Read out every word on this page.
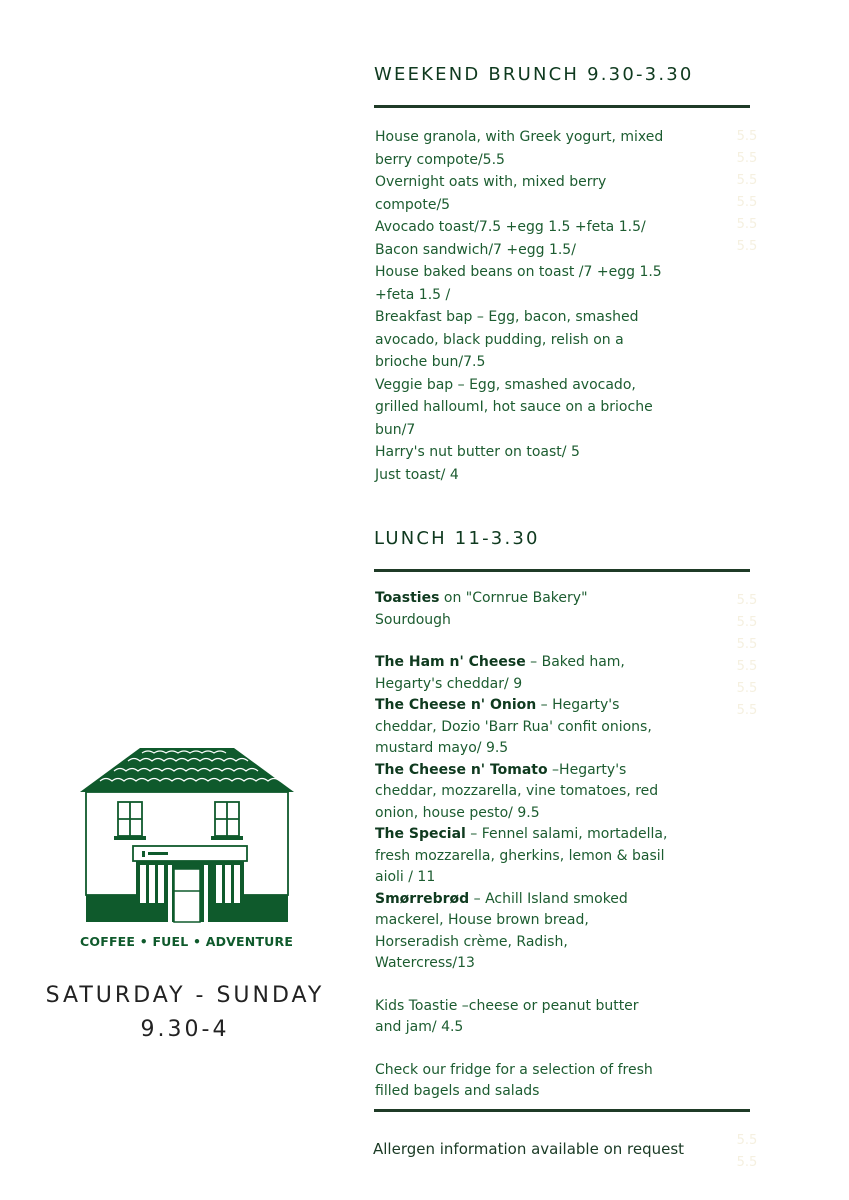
WEEKEND BRUNCH 9.30-3.30

House granola, with Greek yogurt, mixed

berry compote/5.5

Overnight oats with, mixed berry

compote/5

Avocado toast/7.5 +egg 1.5 +feta 1.5/

Bacon sandwich/7 +egg 1.5/

House baked beans on toast /7 +egg 1.5

+feta 1.5 /

Breakfast bap – Egg, bacon, smashed

avocado, black pudding, relish on a

brioche bun/7.5

Veggie bap – Egg, smashed avocado,

grilled halloumI, hot sauce on a brioche

bun/7

Harry's nut butter on toast/ 5

Just toast/ 4

5.5
5.5
5.5
5.5
5.5
5.5
LUNCH 11-3.30

Toasties on "Cornrue Bakery"

Sourdough

The Ham n' Cheese – Baked ham,

Hegarty's cheddar/ 9

The Cheese n' Onion – Hegarty's

cheddar, Dozio 'Barr Rua' confit onions,

mustard mayo/ 9.5

The Cheese n' Tomato –Hegarty's

cheddar, mozzarella, vine tomatoes, red

onion, house pesto/ 9.5

The Special – Fennel salami, mortadella,

fresh mozzarella, gherkins, lemon & basil

aioli / 11

Smørrebrød – Achill Island smoked

mackerel, House brown bread,

Horseradish crème, Radish,

Watercress/13

Kids Toastie –cheese or peanut butter

and jam/ 4.5

Check our fridge for a selection of fresh

filled bagels and salads

5.5
5.5
5.5
5.5
5.5
5.5
Allergen information available on request	5.5
5.5
COFFEE • FUEL • ADVENTURE

SATURDAY - SUNDAY

9.30-4
